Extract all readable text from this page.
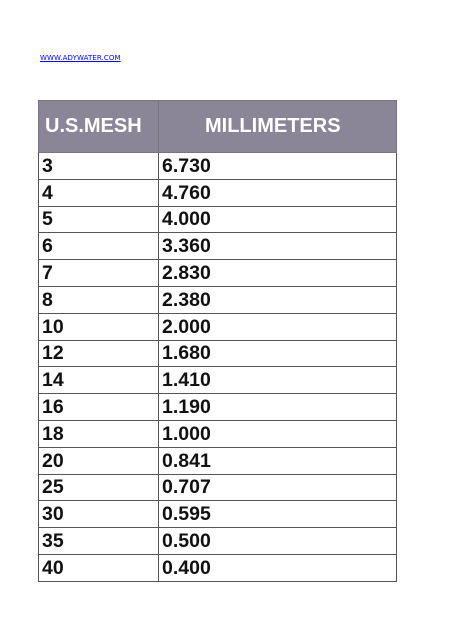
WWW.ADYWATER.COM
U.S.MESH	MILLIMETERS
3	6.730
4	4.760
5	4.000
6	3.360
7	2.830
8	2.380
10	2.000
12	1.680
14	1.410
16	1.190
18	1.000
20	0.841
25	0.707
30	0.595
35	0.500
40	0.400
